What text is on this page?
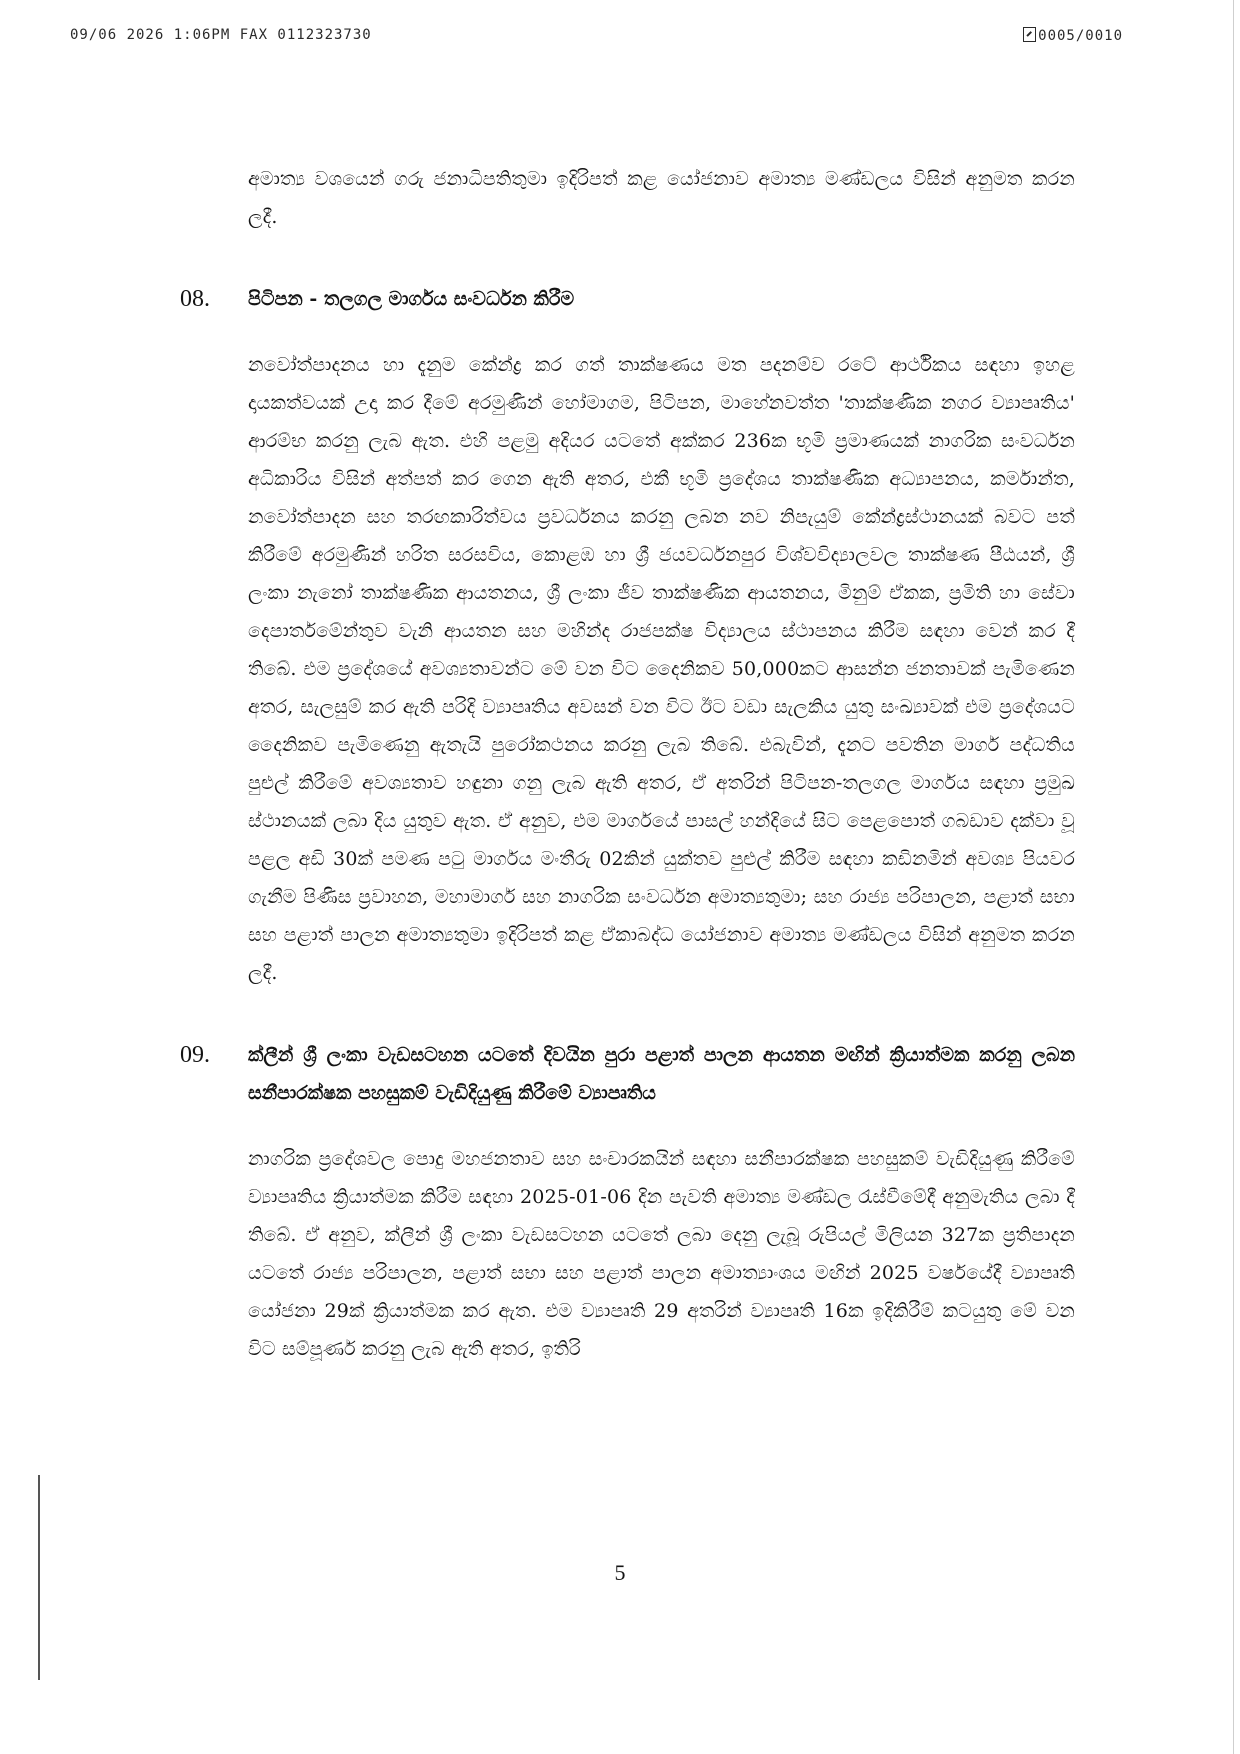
09/06 2026 1:06PM FAX 0112323730	0005/0010

අමාත්‍ය වශයෙන් ගරු ජනාධිපතිතුමා ඉදිරිපත් කළ යෝජනාව අමාත්‍ය මණ්ඩලය විසින් අනුමත කරන ලදී.

08. පිටිපන - තලගල මාර්ගය සංවර්ධන කිරීම

නවෝත්පාදනය හා දැනුම කේන්ද්‍ර කර ගත් තාක්ෂණය මත පදනම්ව රටේ ආර්ථිකය සඳහා ඉහළ දායකත්වයක් උදා කර දීමේ අරමුණින් හෝමාගම, පිටිපන, මාහේනවත්ත 'තාක්ෂණික නගර ව්‍යාපෘතිය' ආරම්භ කරනු ලැබ ඇත. එහි පළමු අදියර යටතේ අක්කර 236ක භූමි ප්‍රමාණයක් නාගරික සංවර්ධන අධිකාරිය විසින් අත්පත් කර ගෙන ඇති අතර, එකී භූමි ප්‍රදේශය තාක්ෂණික අධ්‍යාපනය, කර්මාන්ත, නවෝත්පාදන සහ තරඟකාරිත්වය ප්‍රවර්ධනය කරනු ලබන නව නිපැයුම් කේන්ද්‍රස්ථානයක් බවට පත් කිරීමේ අරමුණින් හරිත සරසවිය, කොළඹ හා ශ්‍රී ජයවර්ධනපුර විශ්වවිද්‍යාලවල තාක්ෂණ පීඨයන්, ශ්‍රී ලංකා නැනෝ තාක්ෂණික ආයතනය, ශ්‍රී ලංකා ජීව තාක්ෂණික ආයතනය, මිනුම් ඒකක, ප්‍රමිති හා සේවා දෙපාර්තමේන්තුව වැනි ආයතන සහ මහින්ද රාජපක්ෂ විද්‍යාලය ස්ථාපනය කිරීම සඳහා වෙන් කර දී තිබේ. එම ප්‍රදේශයේ අවශ්‍යතාවන්ට මේ වන විට දෛනිකව 50,000කට ආසන්න ජනතාවක් පැමිණෙන අතර, සැලසුම් කර ඇති පරිදි ව්‍යාපෘතිය අවසන් වන විට ඊට වඩා සැලකිය යුතු සංඛ්‍යාවක් එම ප්‍රදේශයට දෛනිකව පැමිණෙනු ඇතැයි පුරෝකථනය කරනු ලැබ තිබේ. එබැවින්, දැනට පවතින මාර්ග පද්ධතිය පුළුල් කිරීමේ අවශ්‍යතාව හඳුනා ගනු ලැබ ඇති අතර, ඒ අතරින් පිටිපන-තලගල මාර්ගය සඳහා ප්‍රමුඛ ස්ථානයක් ලබා දිය යුතුව ඇත. ඒ අනුව, එම මාර්ගයේ පාසල් හන්දියේ සිට පෙළපොත් ගබඩාව දක්වා වූ පළල අඩි 30ක් පමණ පටු මාර්ගය මංතීරු 02කින් යුක්තව පුළුල් කිරීම සඳහා කඩිනමින් අවශ්‍ය පියවර ගැනීම පිණිස ප්‍රවාහන, මහාමාර්ග සහ නාගරික සංවර්ධන අමාත්‍යතුමා; සහ රාජ්‍ය පරිපාලන, පළාත් සභා සහ පළාත් පාලන අමාත්‍යතුමා ඉදිරිපත් කළ ඒකාබද්ධ යෝජනාව අමාත්‍ය මණ්ඩලය විසින් අනුමත කරන ලදී.

09. ක්ලීන් ශ්‍රී ලංකා වැඩසටහන යටතේ දිවයින පුරා පළාත් පාලන ආයතන මඟින් ක්‍රියාත්මක කරනු ලබන සනීපාරක්ෂක පහසුකම් වැඩිදියුණු කිරීමේ ව්‍යාපෘතිය

නාගරික ප්‍රදේශවල පොදු මහජනතාව සහ සංචාරකයින් සඳහා සනීපාරක්ෂක පහසුකම් වැඩිදියුණු කිරීමේ ව්‍යාපෘතිය ක්‍රියාත්මක කිරීම සඳහා 2025-01-06 දින පැවති අමාත්‍ය මණ්ඩල රැස්වීමේදී අනුමැතිය ලබා දී තිබේ. ඒ අනුව, ක්ලීන් ශ්‍රී ලංකා වැඩසටහන යටතේ ලබා දෙනු ලැබූ රුපියල් මිලියන 327ක ප්‍රතිපාදන යටතේ රාජ්‍ය පරිපාලන, පළාත් සභා සහ පළාත් පාලන අමාත්‍යාංශය මඟින් 2025 වර්ෂයේදී ව්‍යාපෘති යෝජනා 29ක් ක්‍රියාත්මක කර ඇත. එම ව්‍යාපෘති 29 අතරින් ව්‍යාපෘති 16ක ඉදිකිරීම් කටයුතු මේ වන විට සම්පූර්ණ කරනු ලැබ ඇති අතර, ඉතිරි

5
